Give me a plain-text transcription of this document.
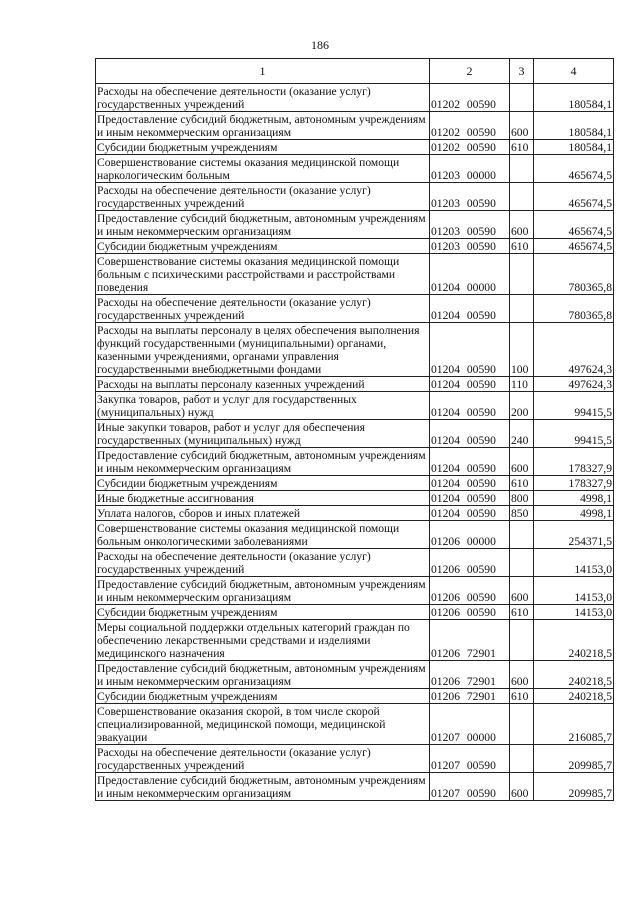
186
1	2	3	4
Расходы на обеспечение деятельности (оказание услуг) государственных учреждений	01202 00590		180584,1
Предоставление субсидий бюджетным, автономным учреждениям и иным некоммерческим организациям	01202 00590	600	180584,1
Субсидии бюджетным учреждениям	01202 00590	610	180584,1
Совершенствование системы оказания медицинской помощи наркологическим больным	01203 00000		465674,5
Расходы на обеспечение деятельности (оказание услуг) государственных учреждений	01203 00590		465674,5
Предоставление субсидий бюджетным, автономным учреждениям и иным некоммерческим организациям	01203 00590	600	465674,5
Субсидии бюджетным учреждениям	01203 00590	610	465674,5
Совершенствование системы оказания медицинской помощи больным с психическими расстройствами и расстройствами поведения	01204 00000		780365,8
Расходы на обеспечение деятельности (оказание услуг) государственных учреждений	01204 00590		780365,8
Расходы на выплаты персоналу в целях обеспечения выполнения функций государственными (муниципальными) органами, казенными учреждениями, органами управления государственными внебюджетными фондами	01204 00590	100	497624,3
Расходы на выплаты персоналу казенных учреждений	01204 00590	110	497624,3
Закупка товаров, работ и услуг для государственных (муниципальных) нужд	01204 00590	200	99415,5
Иные закупки товаров, работ и услуг для обеспечения государственных (муниципальных) нужд	01204 00590	240	99415,5
Предоставление субсидий бюджетным, автономным учреждениям и иным некоммерческим организациям	01204 00590	600	178327,9
Субсидии бюджетным учреждениям	01204 00590	610	178327,9
Иные бюджетные ассигнования	01204 00590	800	4998,1
Уплата налогов, сборов и иных платежей	01204 00590	850	4998,1
Совершенствование системы оказания медицинской помощи больным онкологическими заболеваниями	01206 00000		254371,5
Расходы на обеспечение деятельности (оказание услуг) государственных учреждений	01206 00590		14153,0
Предоставление субсидий бюджетным, автономным учреждениям и иным некоммерческим организациям	01206 00590	600	14153,0
Субсидии бюджетным учреждениям	01206 00590	610	14153,0
Меры социальной поддержки отдельных категорий граждан по обеспечению лекарственными средствами и изделиями медицинского назначения	01206 72901		240218,5
Предоставление субсидий бюджетным, автономным учреждениям и иным некоммерческим организациям	01206 72901	600	240218,5
Субсидии бюджетным учреждениям	01206 72901	610	240218,5
Совершенствование оказания скорой, в том числе скорой специализированной, медицинской помощи, медицинской эвакуации	01207 00000		216085,7
Расходы на обеспечение деятельности (оказание услуг) государственных учреждений	01207 00590		209985,7
Предоставление субсидий бюджетным, автономным учреждениям и иным некоммерческим организациям	01207 00590	600	209985,7
